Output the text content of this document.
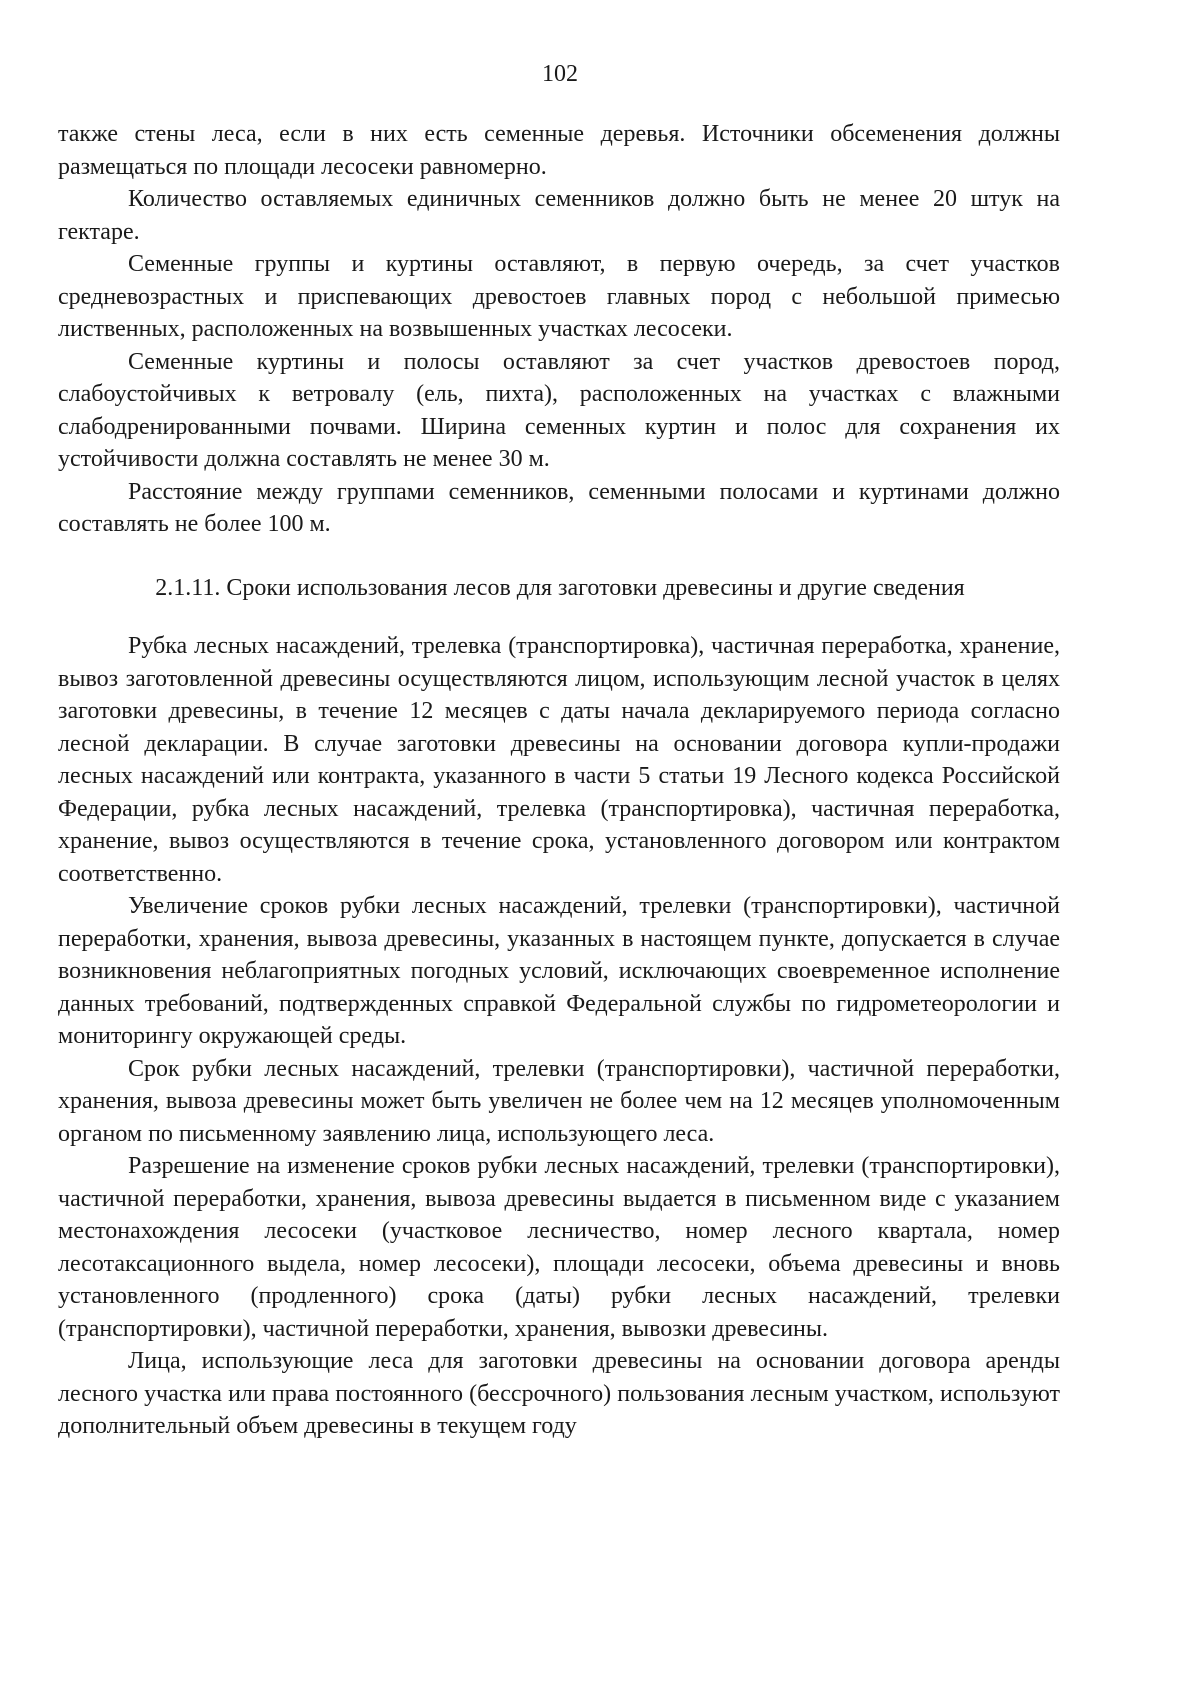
102

также стены леса, если в них есть семенные деревья. Источники обсеменения должны размещаться по площади лесосеки равномерно.

Количество оставляемых единичных семенников должно быть не менее 20 штук на гектаре.

Семенные группы и куртины оставляют, в первую очередь, за счет участков средневозрастных и приспевающих древостоев главных пород с небольшой примесью лиственных, расположенных на возвышенных участках лесосеки.

Семенные куртины и полосы оставляют за счет участков древостоев пород, слабоустойчивых к ветровалу (ель, пихта), расположенных на участках с влажными слабодренированными почвами. Ширина семенных куртин и полос для сохранения их устойчивости должна составлять не менее 30 м.

Расстояние между группами семенников, семенными полосами и куртинами должно составлять не более 100 м.

2.1.11. Сроки использования лесов для заготовки древесины и другие сведения

Рубка лесных насаждений, трелевка (транспортировка), частичная переработка, хранение, вывоз заготовленной древесины осуществляются лицом, использующим лесной участок в целях заготовки древесины, в течение 12 месяцев с даты начала декларируемого периода согласно лесной декларации. В случае заготовки древесины на основании договора купли-продажи лесных насаждений или контракта, указанного в части 5 статьи 19 Лесного кодекса Российской Федерации, рубка лесных насаждений, трелевка (транспортировка), частичная переработка, хранение, вывоз осуществляются в течение срока, установленного договором или контрактом соответственно.

Увеличение сроков рубки лесных насаждений, трелевки (транспортировки), частичной переработки, хранения, вывоза древесины, указанных в настоящем пункте, допускается в случае возникновения неблагоприятных погодных условий, исключающих своевременное исполнение данных требований, подтвержденных справкой Федеральной службы по гидрометеорологии и мониторингу окружающей среды.

Срок рубки лесных насаждений, трелевки (транспортировки), частичной переработки, хранения, вывоза древесины может быть увеличен не более чем на 12 месяцев уполномоченным органом по письменному заявлению лица, использующего леса.

Разрешение на изменение сроков рубки лесных насаждений, трелевки (транспортировки), частичной переработки, хранения, вывоза древесины выдается в письменном виде с указанием местонахождения лесосеки (участковое лесничество, номер лесного квартала, номер лесотаксационного выдела, номер лесосеки), площади лесосеки, объема древесины и вновь установленного (продленного) срока (даты) рубки лесных насаждений, трелевки (транспортировки), частичной переработки, хранения, вывозки древесины.

Лица, использующие леса для заготовки древесины на основании договора аренды лесного участка или права постоянного (бессрочного) пользования лесным участком, используют дополнительный объем древесины в текущем году
